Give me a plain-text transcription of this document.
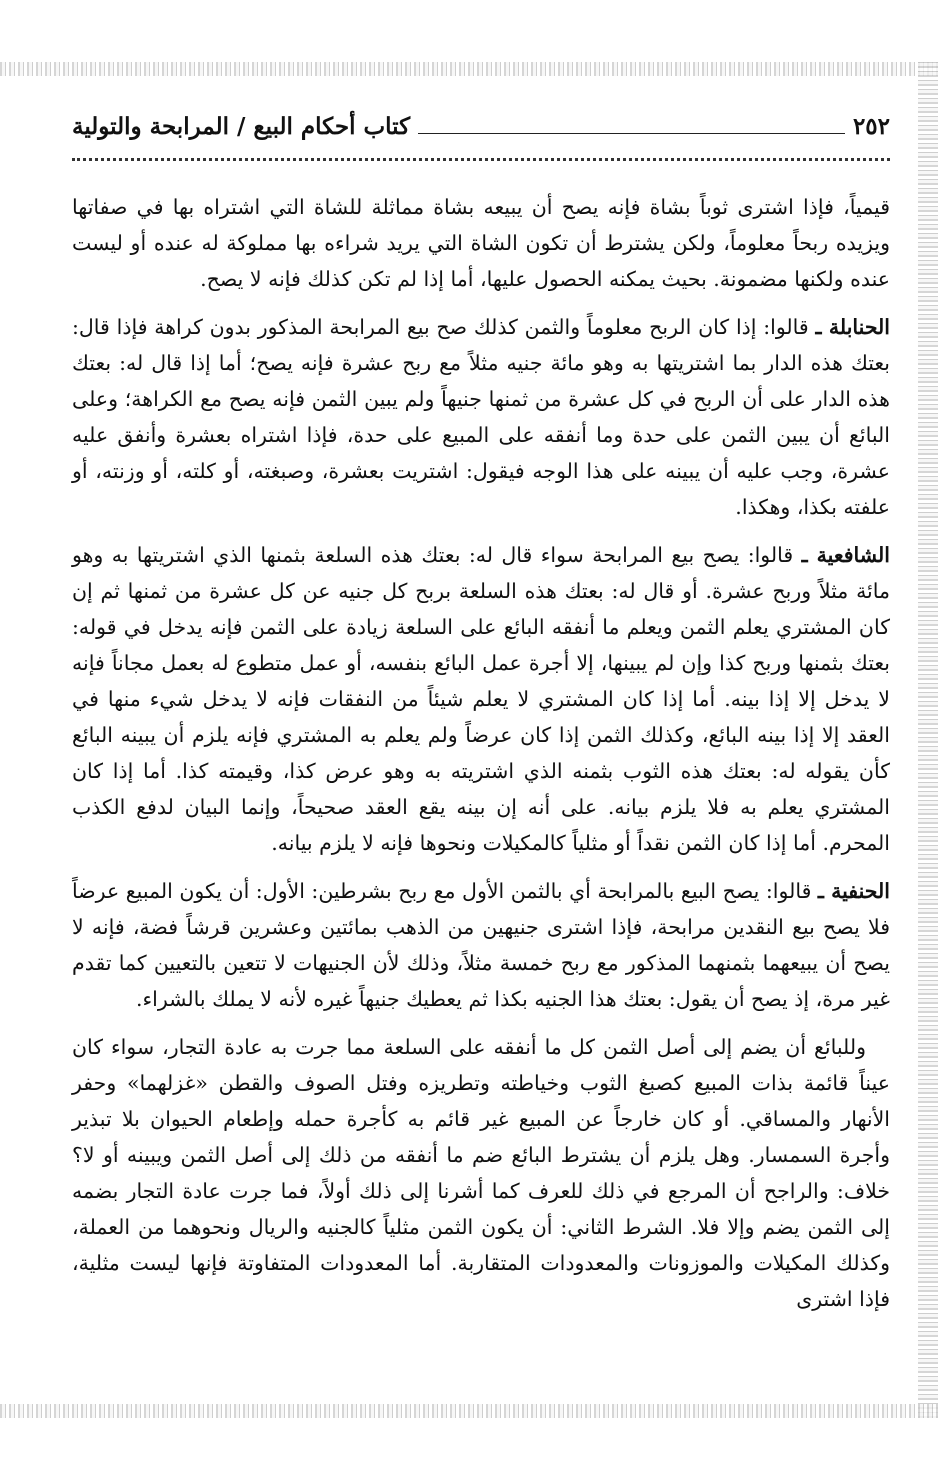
٢٥٢
كتاب أحكام البيع / المرابحة والتولية

قيمياً، فإذا اشترى ثوباً بشاة فإنه يصح أن يبيعه بشاة مماثلة للشاة التي اشتراه بها في صفاتها ويزيده ربحاً معلوماً، ولكن يشترط أن تكون الشاة التي يريد شراءه بها مملوكة له عنده أو ليست عنده ولكنها مضمونة. بحيث يمكنه الحصول عليها، أما إذا لم تكن كذلك فإنه لا يصح.

الحنابلة ـ قالوا: إذا كان الربح معلوماً والثمن كذلك صح بيع المرابحة المذكور بدون كراهة فإذا قال: بعتك هذه الدار بما اشتريتها به وهو مائة جنيه مثلاً مع ربح عشرة فإنه يصح؛ أما إذا قال له: بعتك هذه الدار على أن الربح في كل عشرة من ثمنها جنيهاً ولم يبين الثمن فإنه يصح مع الكراهة؛ وعلى البائع أن يبين الثمن على حدة وما أنفقه على المبيع على حدة، فإذا اشتراه بعشرة وأنفق عليه عشرة، وجب عليه أن يبينه على هذا الوجه فيقول: اشتريت بعشرة، وصبغته، أو كلته، أو وزنته، أو علفته بكذا، وهكذا.

الشافعية ـ قالوا: يصح بيع المرابحة سواء قال له: بعتك هذه السلعة بثمنها الذي اشتريتها به وهو مائة مثلاً وربح عشرة. أو قال له: بعتك هذه السلعة بربح كل جنيه عن كل عشرة من ثمنها ثم إن كان المشتري يعلم الثمن ويعلم ما أنفقه البائع على السلعة زيادة على الثمن فإنه يدخل في قوله: بعتك بثمنها وربح كذا وإن لم يبينها، إلا أجرة عمل البائع بنفسه، أو عمل متطوع له بعمل مجاناً فإنه لا يدخل إلا إذا بينه. أما إذا كان المشتري لا يعلم شيئاً من النفقات فإنه لا يدخل شيء منها في العقد إلا إذا بينه البائع، وكذلك الثمن إذا كان عرضاً ولم يعلم به المشتري فإنه يلزم أن يبينه البائع كأن يقوله له: بعتك هذه الثوب بثمنه الذي اشتريته به وهو عرض كذا، وقيمته كذا. أما إذا كان المشتري يعلم به فلا يلزم بيانه. على أنه إن بينه يقع العقد صحيحاً، وإنما البيان لدفع الكذب المحرم. أما إذا كان الثمن نقداً أو مثلياً كالمكيلات ونحوها فإنه لا يلزم بيانه.

الحنفية ـ قالوا: يصح البيع بالمرابحة أي بالثمن الأول مع ربح بشرطين: الأول: أن يكون المبيع عرضاً فلا يصح بيع النقدين مرابحة، فإذا اشترى جنيهين من الذهب بمائتين وعشرين قرشاً فضة، فإنه لا يصح أن يبيعهما بثمنهما المذكور مع ربح خمسة مثلاً، وذلك لأن الجنيهات لا تتعين بالتعيين كما تقدم غير مرة، إذ يصح أن يقول: بعتك هذا الجنيه بكذا ثم يعطيك جنيهاً غيره لأنه لا يملك بالشراء.

وللبائع أن يضم إلى أصل الثمن كل ما أنفقه على السلعة مما جرت به عادة التجار، سواء كان عيناً قائمة بذات المبيع كصبغ الثوب وخياطته وتطريزه وفتل الصوف والقطن «غزلهما» وحفر الأنهار والمساقي. أو كان خارجاً عن المبيع غير قائم به كأجرة حمله وإطعام الحيوان بلا تبذير وأجرة السمسار. وهل يلزم أن يشترط البائع ضم ما أنفقه من ذلك إلى أصل الثمن ويبينه أو لا؟ خلاف: والراجح أن المرجع في ذلك للعرف كما أشرنا إلى ذلك أولاً، فما جرت عادة التجار بضمه إلى الثمن يضم وإلا فلا. الشرط الثاني: أن يكون الثمن مثلياً كالجنيه والريال ونحوهما من العملة، وكذلك المكيلات والموزونات والمعدودات المتقاربة. أما المعدودات المتفاوتة فإنها ليست مثلية، فإذا اشترى
